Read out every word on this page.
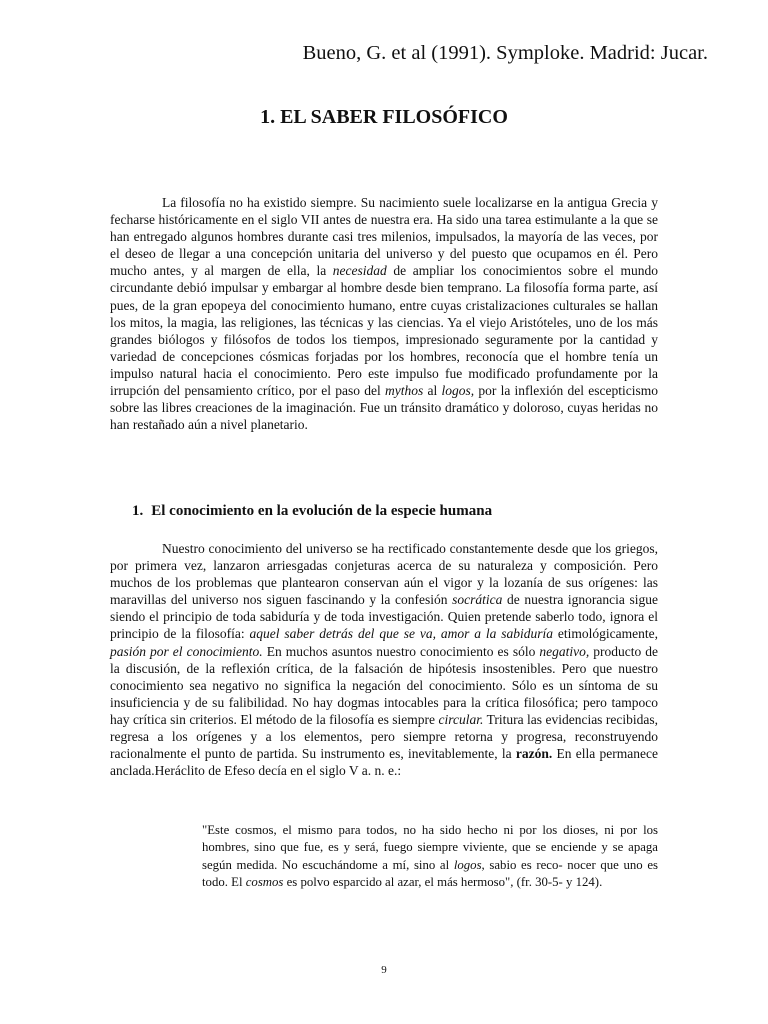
Bueno, G. et al (1991). Symploke. Madrid: Jucar.
1. EL SABER FILOSÓFICO

La filosofía no ha existido siempre. Su nacimiento suele localizarse en la antigua Grecia y fecharse históricamente en el siglo VII antes de nuestra era. Ha sido una tarea estimulante a la que se han entregado algunos hombres durante casi tres milenios, impulsados, la mayoría de las veces, por el deseo de llegar a una concepción unitaria del universo y del puesto que ocupamos en él. Pero mucho antes, y al margen de ella, la necesidad de ampliar los conocimientos sobre el mundo circundante debió impulsar y embargar al hombre desde bien temprano. La filosofía forma parte, así pues, de la gran epopeya del conocimiento humano, entre cuyas cristalizaciones culturales se hallan los mitos, la magia, las religiones, las técnicas y las ciencias. Ya el viejo Aristóteles, uno de los más grandes biólogos y filósofos de todos los tiempos, impresionado seguramente por la cantidad y variedad de concepciones cósmicas forjadas por los hombres, reconocía que el hombre tenía un impulso natural hacia el conocimiento. Pero este impulso fue modificado profundamente por la irrupción del pensamiento crítico, por el paso del mythos al logos, por la inflexión del escepticismo sobre las libres creaciones de la imaginación. Fue un tránsito dramático y doloroso, cuyas heridas no han restañado aún a nivel planetario.

1. El conocimiento en la evolución de la especie humana

Nuestro conocimiento del universo se ha rectificado constantemente desde que los griegos, por primera vez, lanzaron arriesgadas conjeturas acerca de su naturaleza y composición. Pero muchos de los problemas que plantearon conservan aún el vigor y la lozanía de sus orígenes: las maravillas del universo nos siguen fascinando y la confesión socrática de nuestra ignorancia sigue siendo el principio de toda sabiduría y de toda investigación. Quien pretende saberlo todo, ignora el principio de la filosofía: aquel saber detrás del que se va, amor a la sabiduría etimológicamente, pasión por el conocimiento. En muchos asuntos nuestro conocimiento es sólo negativo, producto de la discusión, de la reflexión crítica, de la falsación de hipótesis insostenibles. Pero que nuestro conocimiento sea negativo no significa la negación del conocimiento. Sólo es un síntoma de su insuficiencia y de su falibilidad. No hay dogmas intocables para la crítica filosófica; pero tampoco hay crítica sin criterios. El método de la filosofía es siempre circular. Tritura las evidencias recibidas, regresa a los orígenes y a los elementos, pero siempre retorna y progresa, reconstruyendo racionalmente el punto de partida. Su instrumento es, inevitablemente, la razón. En ella permanece anclada.Heráclito de Efeso decía en el siglo V a. n. e.:

"Este cosmos, el mismo para todos, no ha sido hecho ni por los dioses, ni por los hombres, sino que fue, es y será, fuego siempre viviente, que se enciende y se apaga según medida. No escuchándome a mí, sino al logos, sabio es reco- nocer que uno es todo. El cosmos es polvo esparcido al azar, el más hermoso", (fr. 30-5- y 124).

9
